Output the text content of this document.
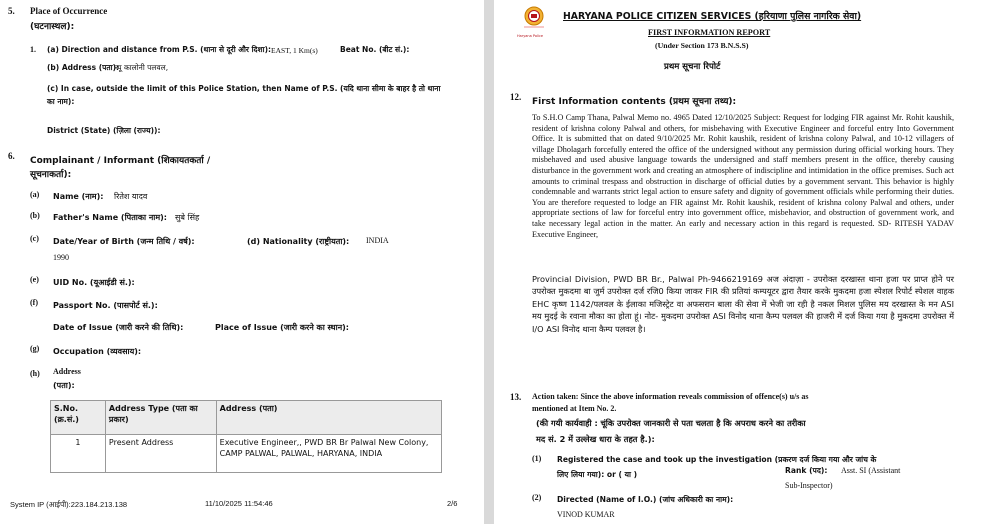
5. Place of Occurrence
(घटनास्थल):
1. (a) Direction and distance from P.S. (थाना से दूरी और दिशा): EAST, 1 Km(s)	Beat No. (बीट सं.):
(b) Address (पता):
न्यू कालोनी पलवल,
(c) In case, outside the limit of this Police Station, then Name of P.S. (यदि थाना सीमा के बाहर है तो थाना
का नाम):
District (State) (ज़िला (राज्य)):
6. Complainant / Informant (शिकायतकर्ता /
सूचनाकर्ता):
(a) Name (नाम): रितेश यादव
(b) Father's Name (पिताका नाम): सुबे सिंह
(c) Date/Year of Birth (जन्म तिथि / वर्ष):
1990
(d) Nationality (राष्ट्रीयता): INDIA
(e) UID No. (यूआईडी सं.):
(f) Passport No. (पासपोर्ट सं.):
Date of Issue (जारी करने की तिथि):	Place of Issue (जारी करने का स्थान):
(g) Occupation (व्यवसाय):
(h) Address
(पता):
S.No. (क्र.सं.)	Address Type (पता का प्रकार)	Address (पता)
1	Present Address	Executive Engineer,, PWD BR Br Palwal New Colony, CAMP PALWAL, PALWAL, HARYANA, INDIA
System IP (आईपी):223.184.213.138	11/10/2025 11:54:46	2/6
Haryana Police
HARYANA POLICE CITIZEN SERVICES (हरियाणा पुलिस नागरिक सेवा)
FIRST INFORMATION REPORT
(Under Section 173 B.N.S.S)
प्रथम सूचना रिपोर्ट
12. First Information contents (प्रथम सूचना तथ्य):
To S.H.O Camp Thana, Palwal Memo no. 4965 Dated 12/10/2025 Subject: Request for lodging FIR against Mr. Rohit kaushik, resident of krishna colony Palwal and others, for misbehaving with Executive Engineer and forceful entry Into Government Office. It is submitted that on dated 9/10/2025 Mr. Rohit kaushik, resident of krishna colony Palwal, and 10-12 villagers of village Dholagarh forcefully entered the office of the undersigned without any permission during official working hours. They misbehaved and used abusive language towards the undersigned and staff members present in the office, thereby causing disturbance in the government work and creating an atmosphere of indiscipline and intimidation in the office premises. Such act amounts to criminal trespass and obstruction in discharge of official duties by a government servant. This behavior is highly condemnable and warrants strict legal action to ensure safety and dignity of government officials while performing their duties. You are therefore requested to lodge an FIR against Mr. Rohit kaushik, resident of krishna colony Palwal and others, under appropriate sections of law for forceful entry into government office, misbehavior, and obstruction of government work, and take necessary legal action in the matter. An early and necessary action in this regard is requested. SD- RITESH YADAV Executive Engineer,
Provincial Division, PWD BR Br., Palwal Ph-9466219169 अज अंदाज़ा - उपरोक्त दरखास्त थाना हजा पर प्राप्त होने पर उपरोक्त मुकदमा बा जुर्म उपरोक्त दर्ज रजि0 किया जाकर FIR की प्रतियां कम्पयूटर द्वारा तैयार करके मुकदमा हजा स्पेशल रिपोर्ट स्पेशल वाहक EHC कृष्ण 1142/पलवल के ईलाका मजिस्ट्रेट वा अफसरान बाला की सेवा में भेजी जा रही है नकल मिशल पुलिस मय दरखास्त के मन ASI मय मुदई के रवाना मौका का होता हूं। नोट- मुकदमा उपरोक्त ASI विनोद थाना कैम्प पलवल की हाजरी में दर्ज किया गया है मुकदमा उपरोक्त में I/O ASI विनोद थाना कैम्प पलवल है।
13. Action taken: Since the above information reveals commission of offence(s) u/s as
mentioned at Item No. 2.
(की गयी कार्यवाही : चूंकि उपरोक्त जानकारी से पता चलता है कि अपराध करने का तरीका
मद सं. 2 में उल्लेख धारा के तहत है.):
(1) Registered the case and took up the investigation (प्रकरण दर्ज किया गया और जांच के
लिए लिया गया): or ( या )	Rank (पद): Asst. SI (Assistant
Sub-Inspector)
(2) Directed (Name of I.O.) (जांच अधिकारी का नाम):
VINOD KUMAR
